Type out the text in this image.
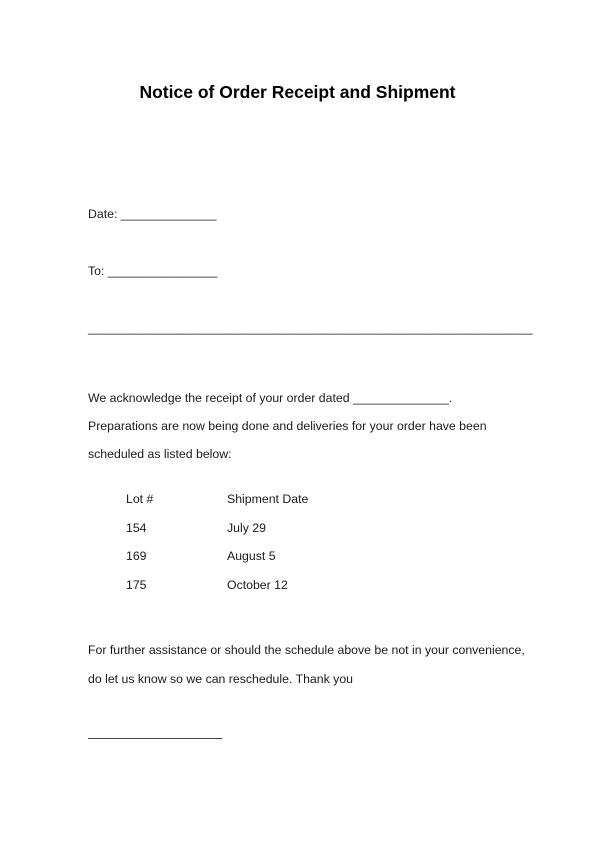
Notice of Order Receipt and Shipment
Date: ______________
To: ________________
_________________________________________________________________
We acknowledge the receipt of your order dated ______________. Preparations are now being done and deliveries for your order have been scheduled as listed below:
Lot #	Shipment Date
154	July 29
169	August 5
175	October 12
For further assistance or should the schedule above be not in your convenience,
do let us know so we can reschedule. Thank you
